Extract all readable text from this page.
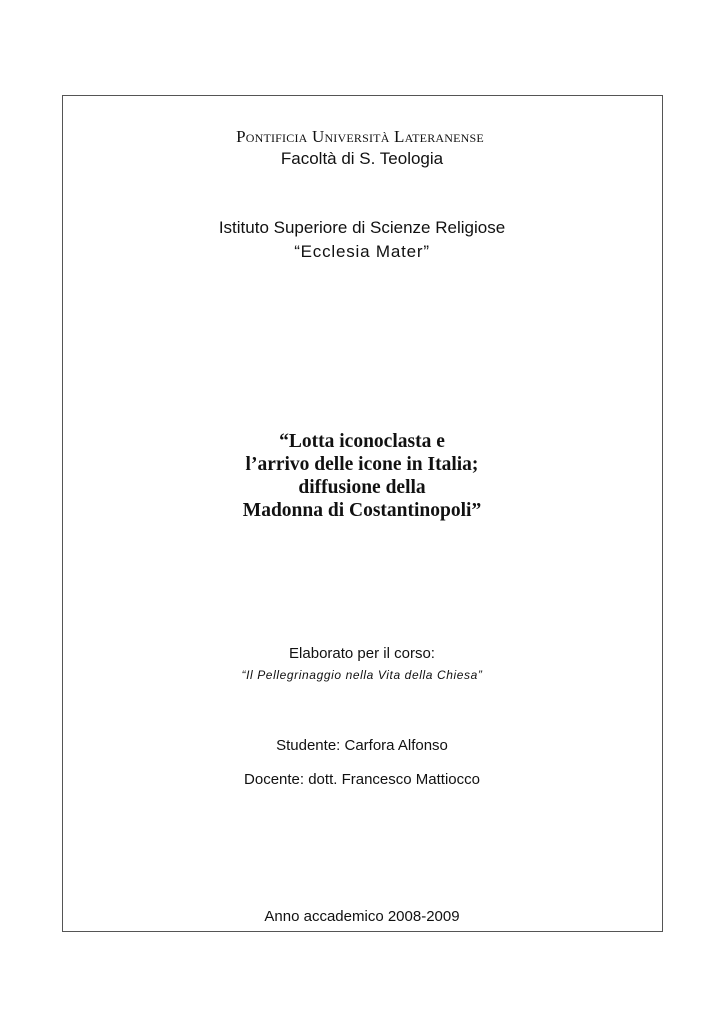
Pontificia Università Lateranense
Facoltà di S. Teologia
Istituto Superiore di Scienze Religiose
“Ecclesia Mater”
“Lotta iconoclasta e
l’arrivo delle icone in Italia;
diffusione della
Madonna di Costantinopoli”
Elaborato per il corso:
“Il Pellegrinaggio nella Vita della Chiesa”
Studente: Carfora Alfonso
Docente: dott. Francesco Mattiocco
Anno accademico 2008-2009
